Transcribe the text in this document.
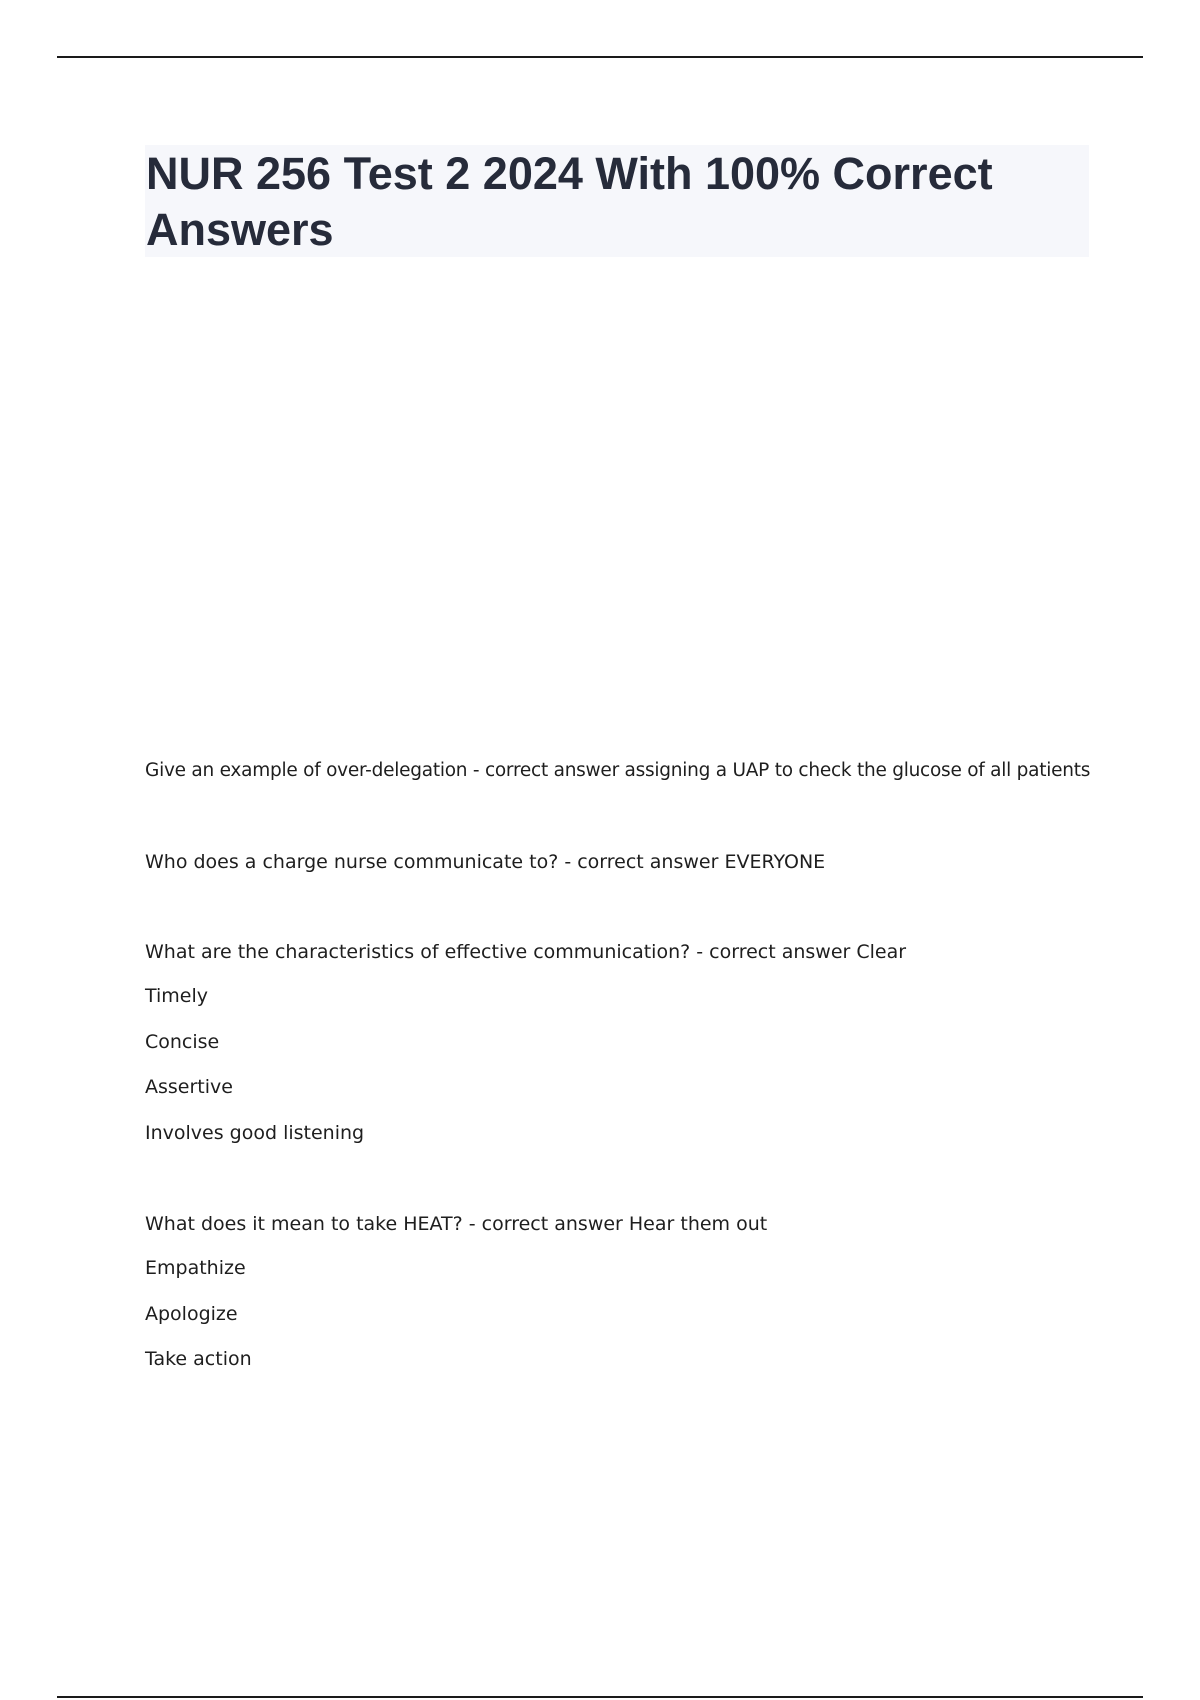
NUR 256 Test 2 2024 With 100% Correct Answers
Give an example of over-delegation - correct answer assigning a UAP to check the glucose of all patients
Who does a charge nurse communicate to? - correct answer EVERYONE
What are the characteristics of effective communication? - correct answer Clear
Timely
Concise
Assertive
Involves good listening
What does it mean to take HEAT? - correct answer Hear them out
Empathize
Apologize
Take action
